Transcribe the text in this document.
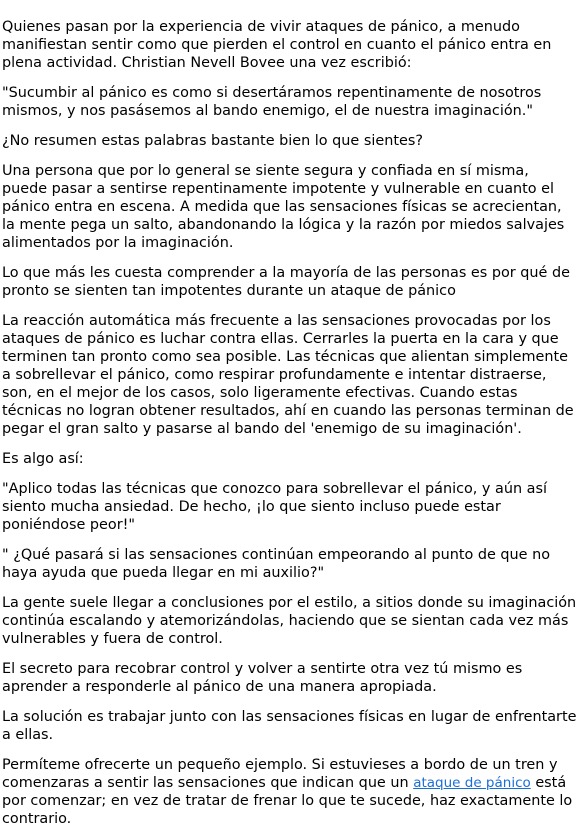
Quienes pasan por la experiencia de vivir ataques de pánico, a menudo manifiestan sentir como que pierden el control en cuanto el pánico entra en plena actividad. Christian Nevell Bovee una vez escribió:

"Sucumbir al pánico es como si desertáramos repentinamente de nosotros mismos, y nos pasásemos al bando enemigo, el de nuestra imaginación."

¿No resumen estas palabras bastante bien lo que sientes?

Una persona que por lo general se siente segura y confiada en sí misma, puede pasar a sentirse repentinamente impotente y vulnerable en cuanto el pánico entra en escena. A medida que las sensaciones físicas se acrecientan, la mente pega un salto, abandonando la lógica y la razón por miedos salvajes alimentados por la imaginación.

Lo que más les cuesta comprender a la mayoría de las personas es por qué de pronto se sienten tan impotentes durante un ataque de pánico

La reacción automática más frecuente a las sensaciones provocadas por los ataques de pánico es luchar contra ellas. Cerrarles la puerta en la cara y que terminen tan pronto como sea posible. Las técnicas que alientan simplemente a sobrellevar el pánico, como respirar profundamente e intentar distraerse, son, en el mejor de los casos, solo ligeramente efectivas. Cuando estas técnicas no logran obtener resultados, ahí en cuando las personas terminan de pegar el gran salto y pasarse al bando del 'enemigo de su imaginación'.

Es algo así:

"Aplico todas las técnicas que conozco para sobrellevar el pánico, y aún así siento mucha ansiedad. De hecho, ¡lo que siento incluso puede estar poniéndose peor!"

" ¿Qué pasará si las sensaciones continúan empeorando al punto de que no haya ayuda que pueda llegar en mi auxilio?"

La gente suele llegar a conclusiones por el estilo, a sitios donde su imaginación continúa escalando y atemorizándolas, haciendo que se sientan cada vez más vulnerables y fuera de control.

El secreto para recobrar control y volver a sentirte otra vez tú mismo es aprender a responderle al pánico de una manera apropiada.

La solución es trabajar junto con las sensaciones físicas en lugar de enfrentarte a ellas.

Permíteme ofrecerte un pequeño ejemplo. Si estuvieses a bordo de un tren y comenzaras a sentir las sensaciones que indican que un ataque de pánico está por comenzar; en vez de tratar de frenar lo que te sucede, haz exactamente lo contrario.
